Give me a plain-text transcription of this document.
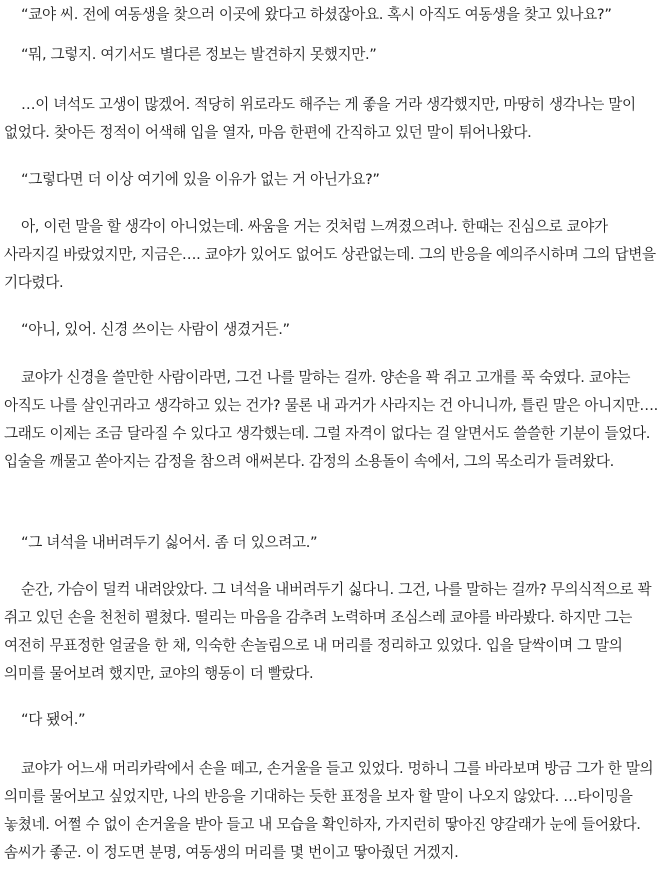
“쿄야 씨. 전에 여동생을 찾으러 이곳에 왔다고 하셨잖아요. 혹시 아직도 여동생을 찾고 있나요?”

“뭐, 그렇지. 여기서도 별다른 정보는 발견하지 못했지만.”

…이 녀석도 고생이 많겠어. 적당히 위로라도 해주는 게 좋을 거라 생각했지만, 마땅히 생각나는 말이 없었다. 찾아든 정적이 어색해 입을 열자, 마음 한편에 간직하고 있던 말이 튀어나왔다.

“그렇다면 더 이상 여기에 있을 이유가 없는 거 아닌가요?”

아, 이런 말을 할 생각이 아니었는데. 싸움을 거는 것처럼 느껴졌으려나. 한때는 진심으로 쿄야가 사라지길 바랐었지만, 지금은…. 쿄야가 있어도 없어도 상관없는데. 그의 반응을 예의주시하며 그의 답변을 기다렸다.

“아니, 있어. 신경 쓰이는 사람이 생겼거든.”

쿄야가 신경을 쓸만한 사람이라면, 그건 나를 말하는 걸까. 양손을 꽉 쥐고 고개를 푹 숙였다. 쿄야는 아직도 나를 살인귀라고 생각하고 있는 건가? 물론 내 과거가 사라지는 건 아니니까, 틀린 말은 아니지만…. 그래도 이제는 조금 달라질 수 있다고 생각했는데. 그럴 자격이 없다는 걸 알면서도 쓸쓸한 기분이 들었다. 입술을 깨물고 쏟아지는 감정을 참으려 애써본다. 감정의 소용돌이 속에서, 그의 목소리가 들려왔다.

“그 녀석을 내버려두기 싫어서. 좀 더 있으려고.”

순간, 가슴이 덜컥 내려앉았다. 그 녀석을 내버려두기 싫다니. 그건, 나를 말하는 걸까? 무의식적으로 꽉 쥐고 있던 손을 천천히 펼쳤다. 떨리는 마음을 감추려 노력하며 조심스레 쿄야를 바라봤다. 하지만 그는 여전히 무표정한 얼굴을 한 채, 익숙한 손놀림으로 내 머리를 정리하고 있었다. 입을 달싹이며 그 말의 의미를 물어보려 했지만, 쿄야의 행동이 더 빨랐다.

“다 됐어.”

쿄야가 어느새 머리카락에서 손을 떼고, 손거울을 들고 있었다. 멍하니 그를 바라보며 방금 그가 한 말의 의미를 물어보고 싶었지만, 나의 반응을 기대하는 듯한 표정을 보자 할 말이 나오지 않았다. …타이밍을 놓쳤네. 어쩔 수 없이 손거울을 받아 들고 내 모습을 확인하자, 가지런히 땋아진 양갈래가 눈에 들어왔다. 솜씨가 좋군. 이 정도면 분명, 여동생의 머리를 몇 번이고 땋아줬던 거겠지.
